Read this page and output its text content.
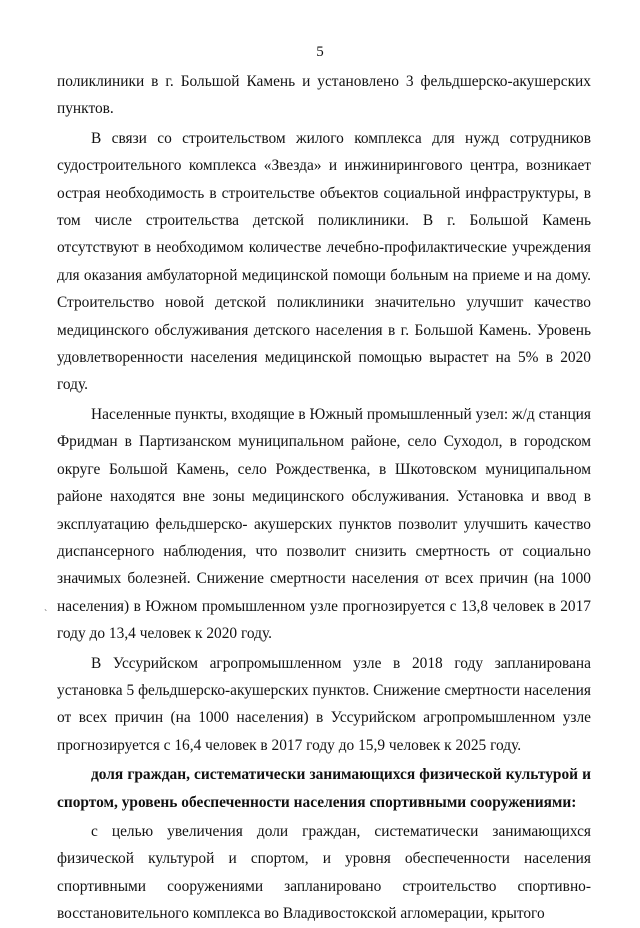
5
`

поликлиники в г. Большой Камень и установлено 3 фельдшерско-акушерских пунктов.

В связи со строительством жилого комплекса для нужд сотрудников судостроительного комплекса «Звезда» и инжинирингового центра, возникает острая необходимость в строительстве объектов социальной инфраструктуры, в том числе строительства детской поликлиники. В г. Большой Камень отсутствуют в необходимом количестве лечебно-профилактические учреждения для оказания амбулаторной медицинской помощи больным на приеме и на дому. Строительство новой детской поликлиники значительно улучшит качество медицинского обслуживания детского населения в г. Большой Камень. Уровень удовлетворенности населения медицинской помощью вырастет на 5% в 2020 году.

Населенные пункты, входящие в Южный промышленный узел: ж/д станция Фридман в Партизанском муниципальном районе, село Суходол, в городском округе Большой Камень, село Рождественка, в Шкотовском муниципальном районе находятся вне зоны медицинского обслуживания. Установка и ввод в эксплуатацию фельдшерско- акушерских пунктов позволит улучшить качество диспансерного наблюдения, что позволит снизить смертность от социально значимых болезней. Снижение смертности населения от всех причин (на 1000 населения) в Южном промышленном узле прогнозируется с 13,8 человек в 2017 году до 13,4 человек к 2020 году.

В Уссурийском агропромышленном узле в 2018 году запланирована установка 5 фельдшерско-акушерских пунктов. Снижение смертности населения от всех причин (на 1000 населения) в Уссурийском агропромышленном узле прогнозируется с 16,4 человек в 2017 году до 15,9 человек к 2025 году.

доля граждан, систематически занимающихся физической культурой и спортом, уровень обеспеченности населения спортивными сооружениями:

с целью увеличения доли граждан, систематически занимающихся физической культурой и спортом, и уровня обеспеченности населения спортивными сооружениями запланировано строительство спортивно-восстановительного комплекса во Владивостокской агломерации, крытого
